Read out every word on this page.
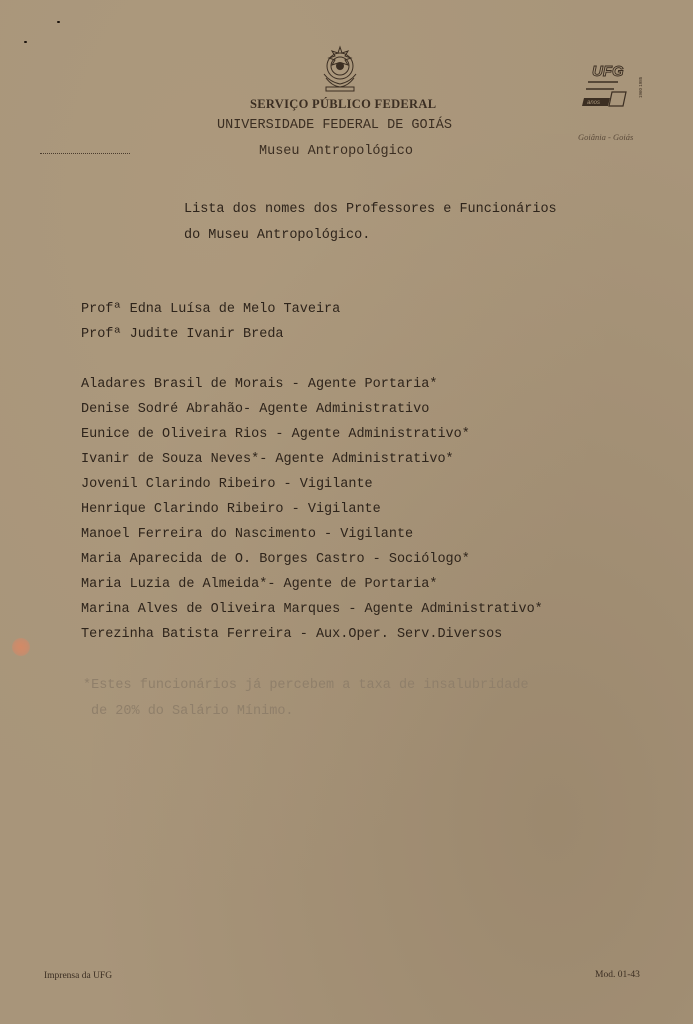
SERVIÇO PÚBLICO FEDERAL
UNIVERSIDADE FEDERAL DE GOIÁS
Museu Antropológico
UFG
anos
1960 1985
Goiânia - Goiás
Lista dos nomes dos Professores e Funcionários
do Museu Antropológico.
Profª Edna Luísa de Melo Taveira
Profª Judite Ivanir Breda
Aladares Brasil de Morais - Agente Portaria*
Denise Sodré Abrahão- Agente Administrativo
Eunice de Oliveira Rios - Agente Administrativo*
Ivanir de Souza Neves*- Agente Administrativo*
Jovenil Clarindo Ribeiro - Vigilante
Henrique Clarindo Ribeiro - Vigilante
Manoel Ferreira do Nascimento - Vigilante
Maria Aparecida de O. Borges Castro - Sociólogo*
Maria Luzia de Almeida*- Agente de Portaria*
Marina Alves de Oliveira Marques - Agente Administrativo*
Terezinha Batista Ferreira - Aux.Oper. Serv.Diversos
*Estes funcionários já percebem a taxa de insalubridade
de 20% do Salário Mínimo.
Imprensa da UFG	Mod. 01-43
